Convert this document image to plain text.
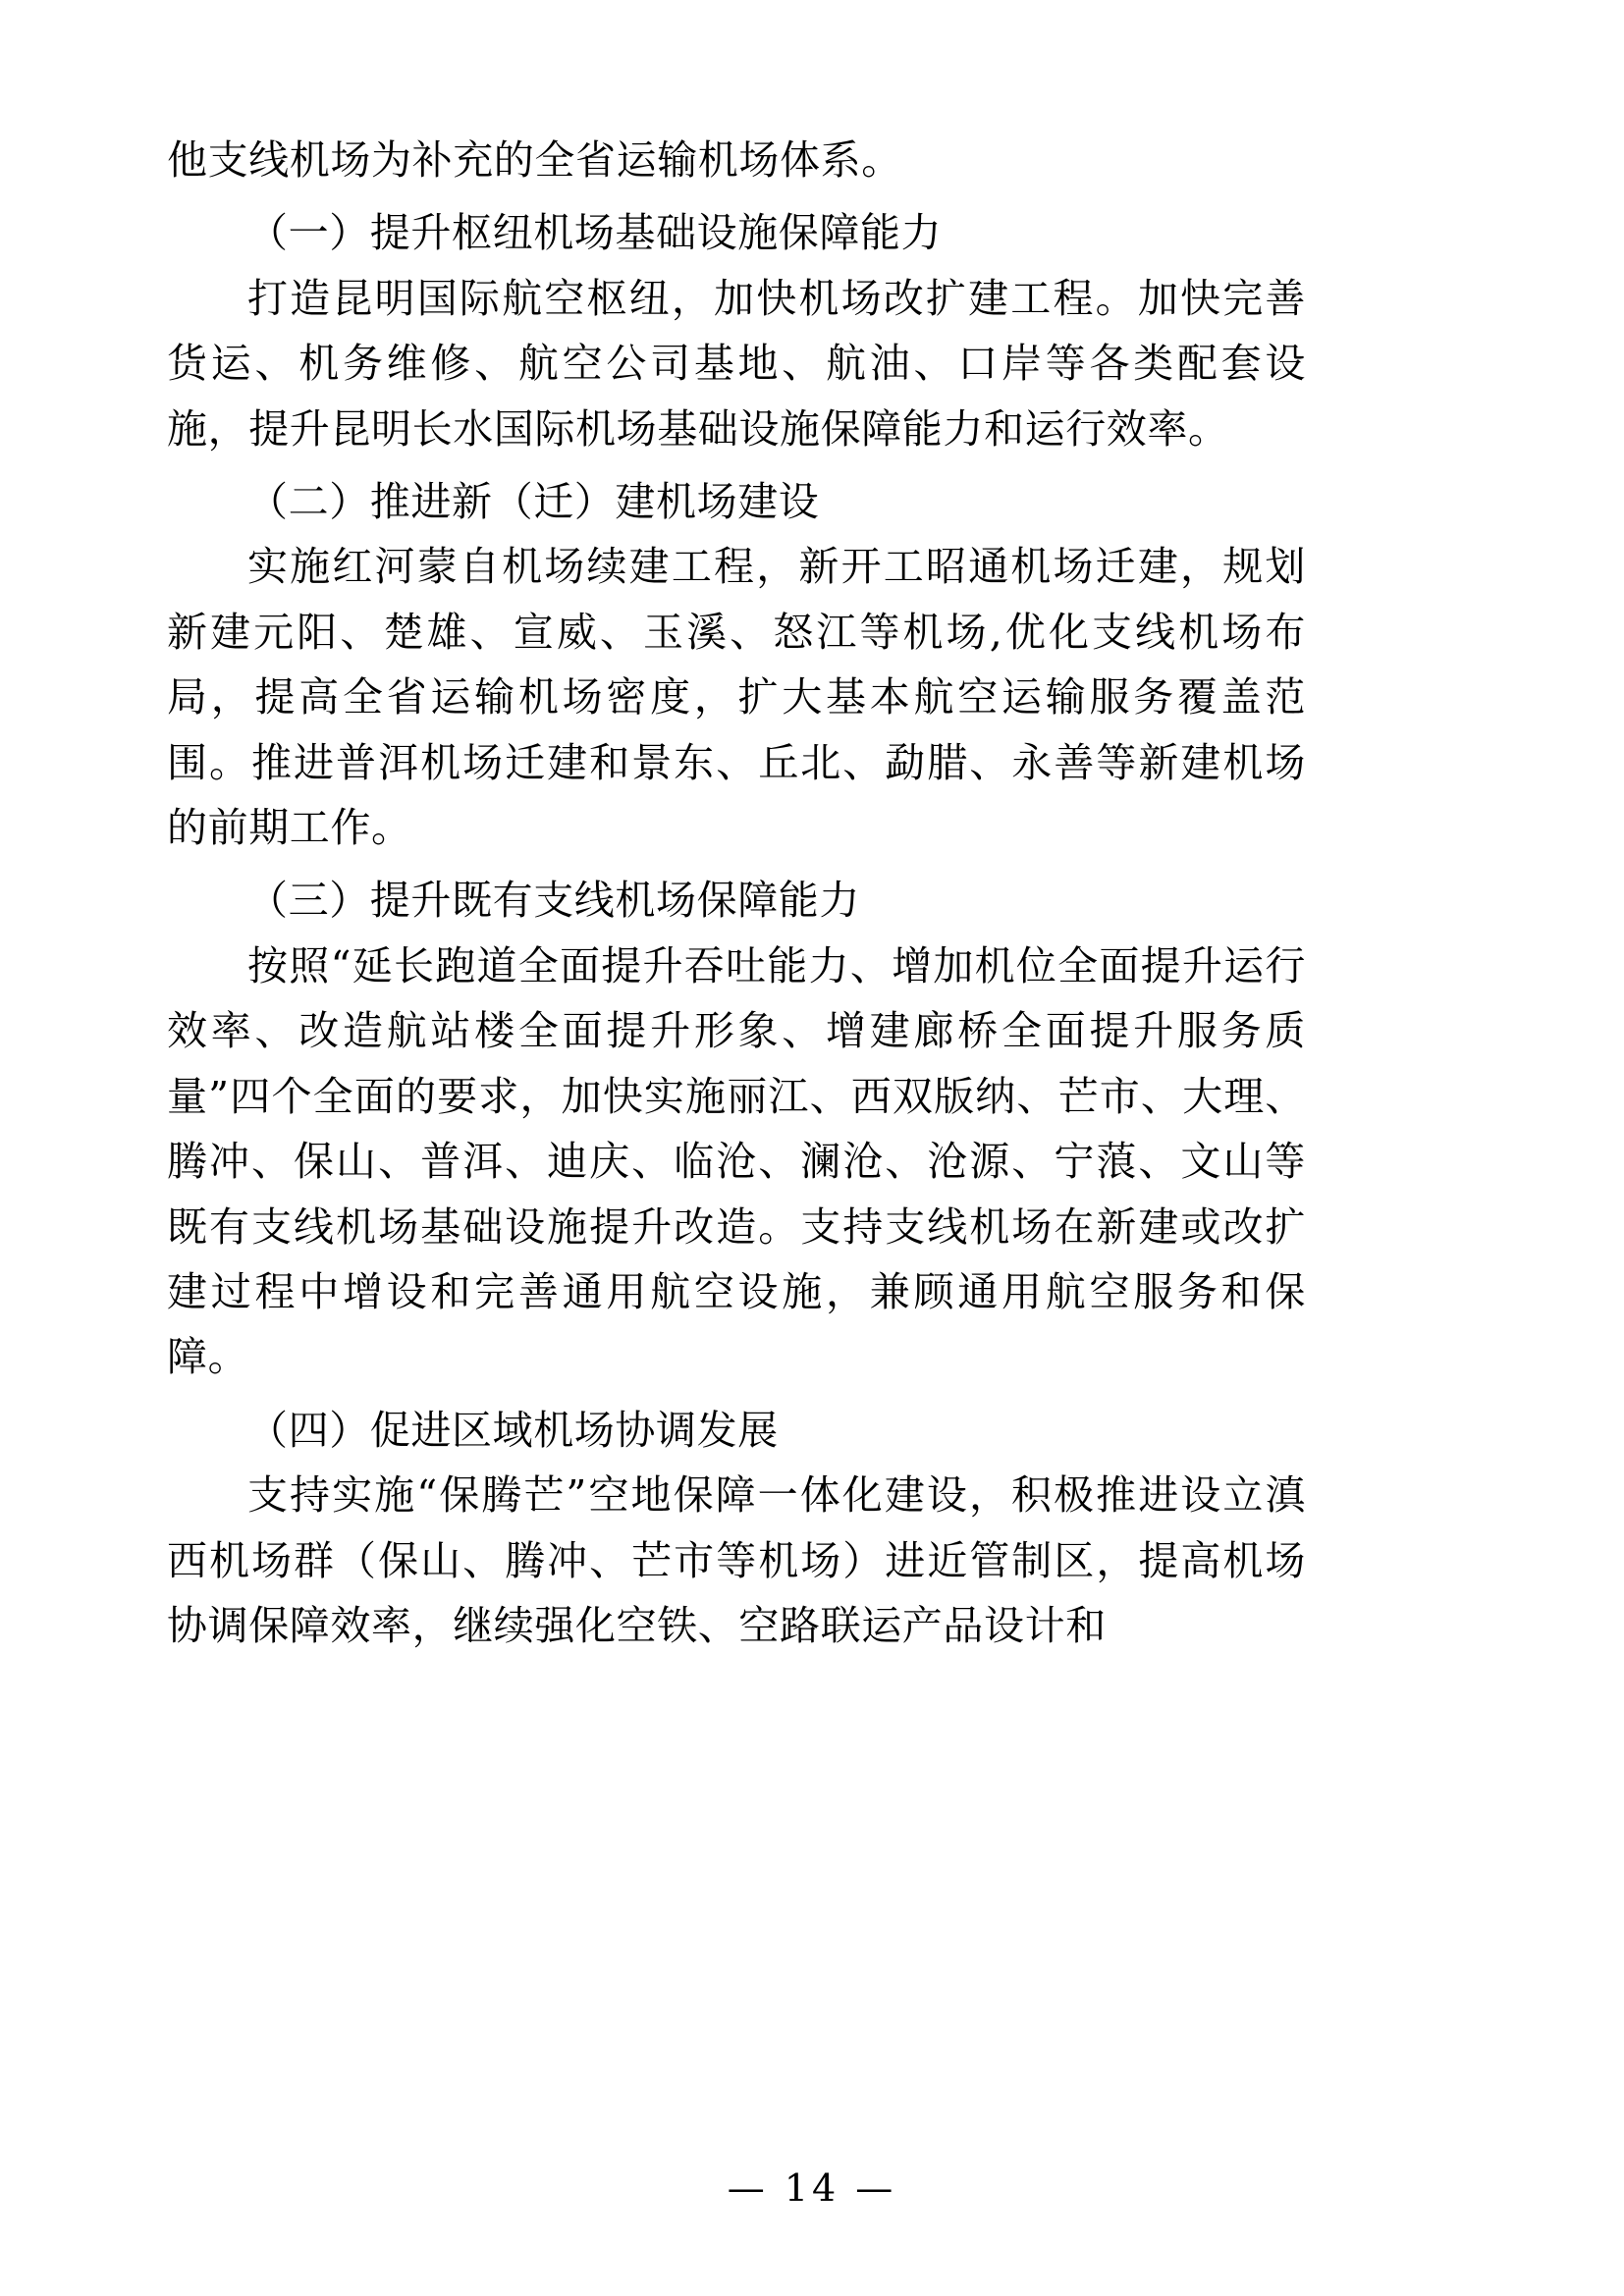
他支线机场为补充的全省运输机场体系。

（一）提升枢纽机场基础设施保障能力

打造昆明国际航空枢纽，加快机场改扩建工程。加快完善货运、机务维修、航空公司基地、航油、口岸等各类配套设施，提升昆明长水国际机场基础设施保障能力和运行效率。

（二）推进新（迁）建机场建设

实施红河蒙自机场续建工程，新开工昭通机场迁建，规划新建元阳、楚雄、宣威、玉溪、怒江等机场,优化支线机场布局，提高全省运输机场密度，扩大基本航空运输服务覆盖范围。推进普洱机场迁建和景东、丘北、勐腊、永善等新建机场的前期工作。

（三）提升既有支线机场保障能力

按照“延长跑道全面提升吞吐能力、增加机位全面提升运行效率、改造航站楼全面提升形象、增建廊桥全面提升服务质量”四个全面的要求，加快实施丽江、西双版纳、芒市、大理、腾冲、保山、普洱、迪庆、临沧、澜沧、沧源、宁蒗、文山等既有支线机场基础设施提升改造。支持支线机场在新建或改扩建过程中增设和完善通用航空设施，兼顾通用航空服务和保障。

（四）促进区域机场协调发展

支持实施“保腾芒”空地保障一体化建设，积极推进设立滇西机场群（保山、腾冲、芒市等机场）进近管制区，提高机场协调保障效率，继续强化空铁、空路联运产品设计和

— 14 —
